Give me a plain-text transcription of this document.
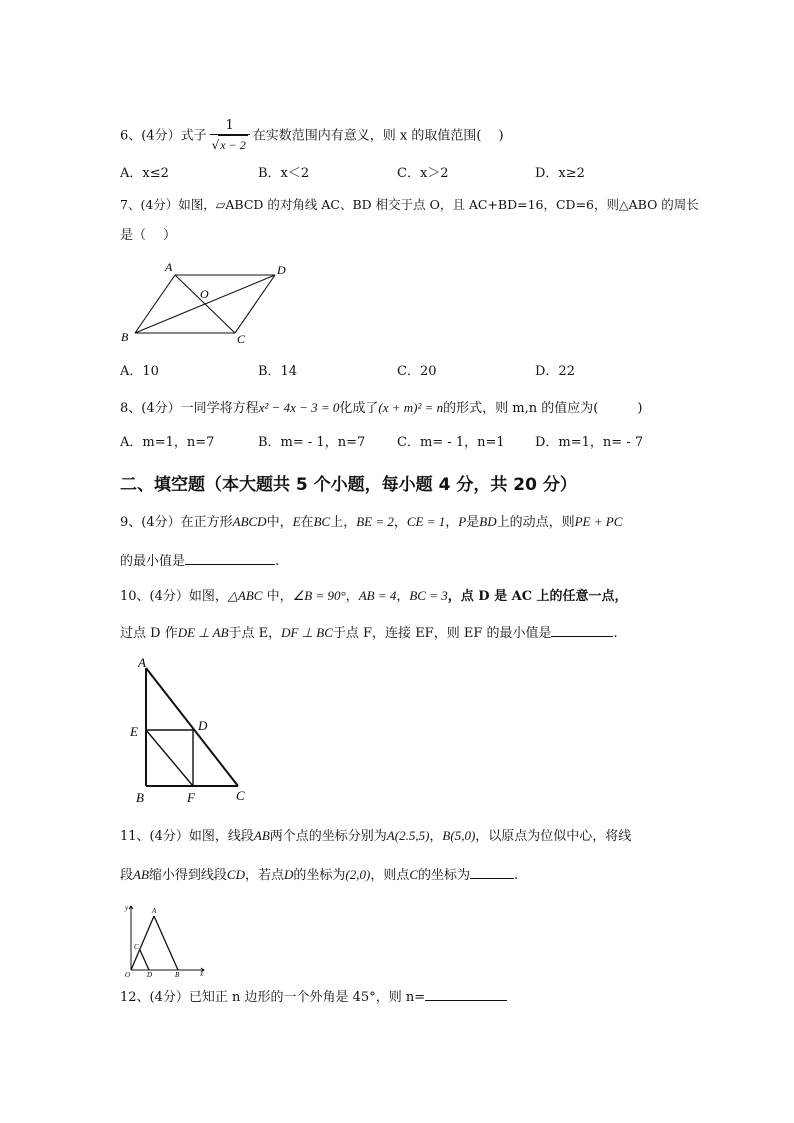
6、(4分）式子 $\frac{1}{√x - 2}$ 在实数范围内有意义，则 x 的取值范围(　 )
A．x≤2	B．x＜2	C．x＞2	D．x≥2
7、(4分）如图，▱ABCD 的对角线 AC、BD 相交于点 O，且 AC+BD=16，CD=6，则△ABO 的周长
是（　 ）
A	D
O
B	C
A．10	B．14	C．20	D．22
8、(4分）一同学将方程x² − 4x − 3 = 0化成了(x + m)² = n的形式，则 m,n 的值应为(　　　)
A．m=1，n=7	B．m= - 1，n=7 C．m= - 1，n=1 D．m=1，n= - 7
二、填空题（本大题共 5 个小题，每小题 4 分，共 20 分）
9、(4分）在正方形ABCD中，E在BC上，BE = 2，CE = 1，P是BD上的动点，则PE + PC
的最小值是	.
10、(4分）如图，△ABC 中，∠B = 90°，AB = 4，BC = 3，点 D 是 AC 上的任意一点，
过点 D 作DE ⊥ AB于点 E，DF ⊥ BC于点 F，连接 EF，则 EF 的最小值是	.
A
E	D
B	F	C
11、(4分）如图，线段AB两个点的坐标分别为A(2.5,5)，B(5,0)，以原点为位似中心，将线
段AB缩小得到线段CD，若点D的坐标为(2,0)，则点C的坐标为	.
y	A
C
O D	B	x
12、(4分）已知正 n 边形的一个外角是 45°，则 n=
